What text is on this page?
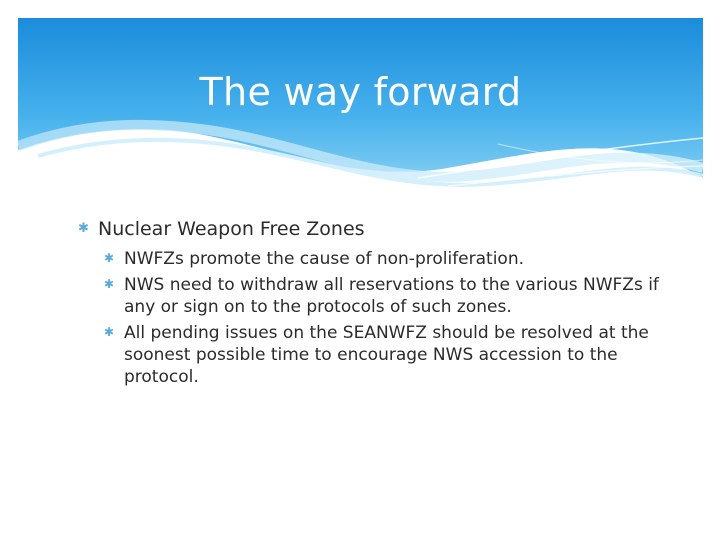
The way forward
✱ Nuclear Weapon Free Zones
✱ NWFZs promote the cause of non-proliferation.
✱ NWS need to withdraw all reservations to the various NWFZs if any or sign on to the protocols of such zones.
✱ All pending issues on the SEANWFZ should be resolved at the soonest possible time to encourage NWS accession to the protocol.
